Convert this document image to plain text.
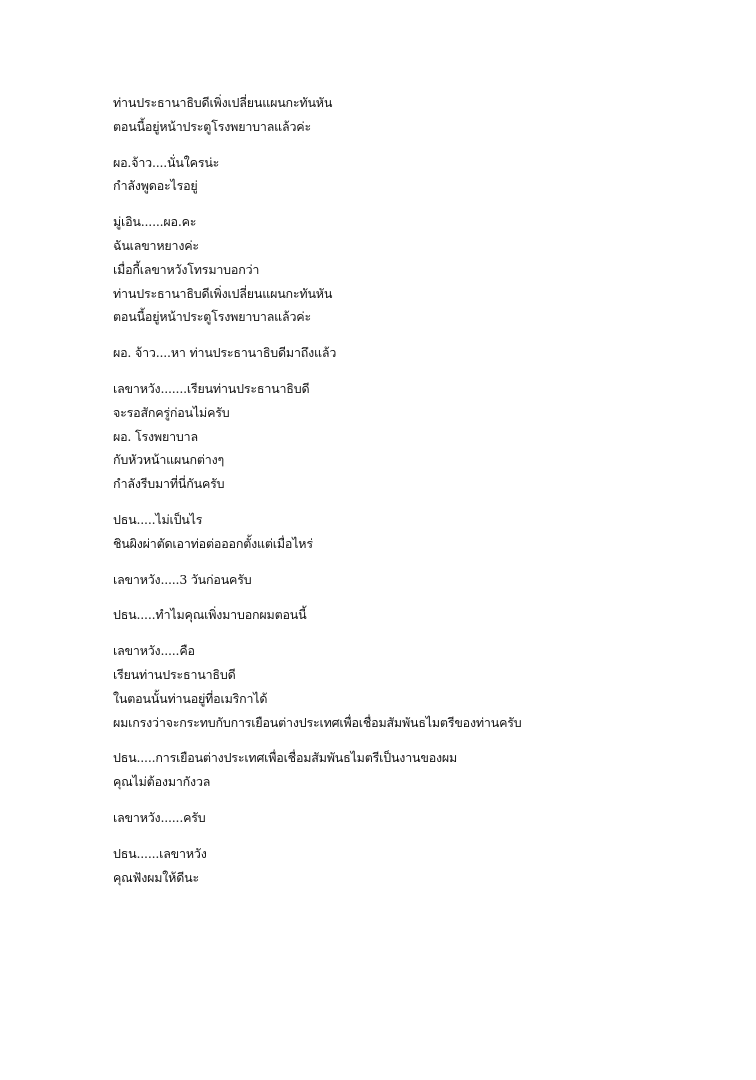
ท่านประธานาธิบดีเพิ่งเปลี่ยนแผนกะทันหัน
ตอนนี้อยู่หน้าประตูโรงพยาบาลแล้วค่ะ
ผอ.จ้าว....นั่นใครน่ะ
กำลังพูดอะไรอยู่
มู่เอิน......ผอ.คะ
ฉันเลขาหยางค่ะ
เมื่อกี้เลขาหวังโทรมาบอกว่า
ท่านประธานาธิบดีเพิ่งเปลี่ยนแผนกะทันหัน
ตอนนี้อยู่หน้าประตูโรงพยาบาลแล้วค่ะ
ผอ. จ้าว....หา ท่านประธานาธิบดีมาถึงแล้ว
เลขาหวัง.......เรียนท่านประธานาธิบดี
จะรอสักครู่ก่อนไม่ครับ
ผอ. โรงพยาบาล
กับหัวหน้าแผนกต่างๆ
กำลังรีบมาที่นี่กันครับ
ปธน.....ไม่เป็นไร
ชินผิงผ่าตัดเอาท่อต่อออกตั้งแต่เมื่อไหร่
เลขาหวัง.....3 วันก่อนครับ
ปธน.....ทำไมคุณเพิ่งมาบอกผมตอนนี้
เลขาหวัง.....คือ
เรียนท่านประธานาธิบดี
ในตอนนั้นท่านอยู่ที่อเมริกาได้
ผมเกรงว่าจะกระทบกับการเยือนต่างประเทศเพื่อเชื่อมสัมพันธไมตรีของท่านครับ
ปธน.....การเยือนต่างประเทศเพื่อเชื่อมสัมพันธไมตรีเป็นงานของผม
คุณไม่ต้องมากังวล
เลขาหวัง......ครับ
ปธน......เลขาหวัง
คุณฟังผมให้ดีนะ
